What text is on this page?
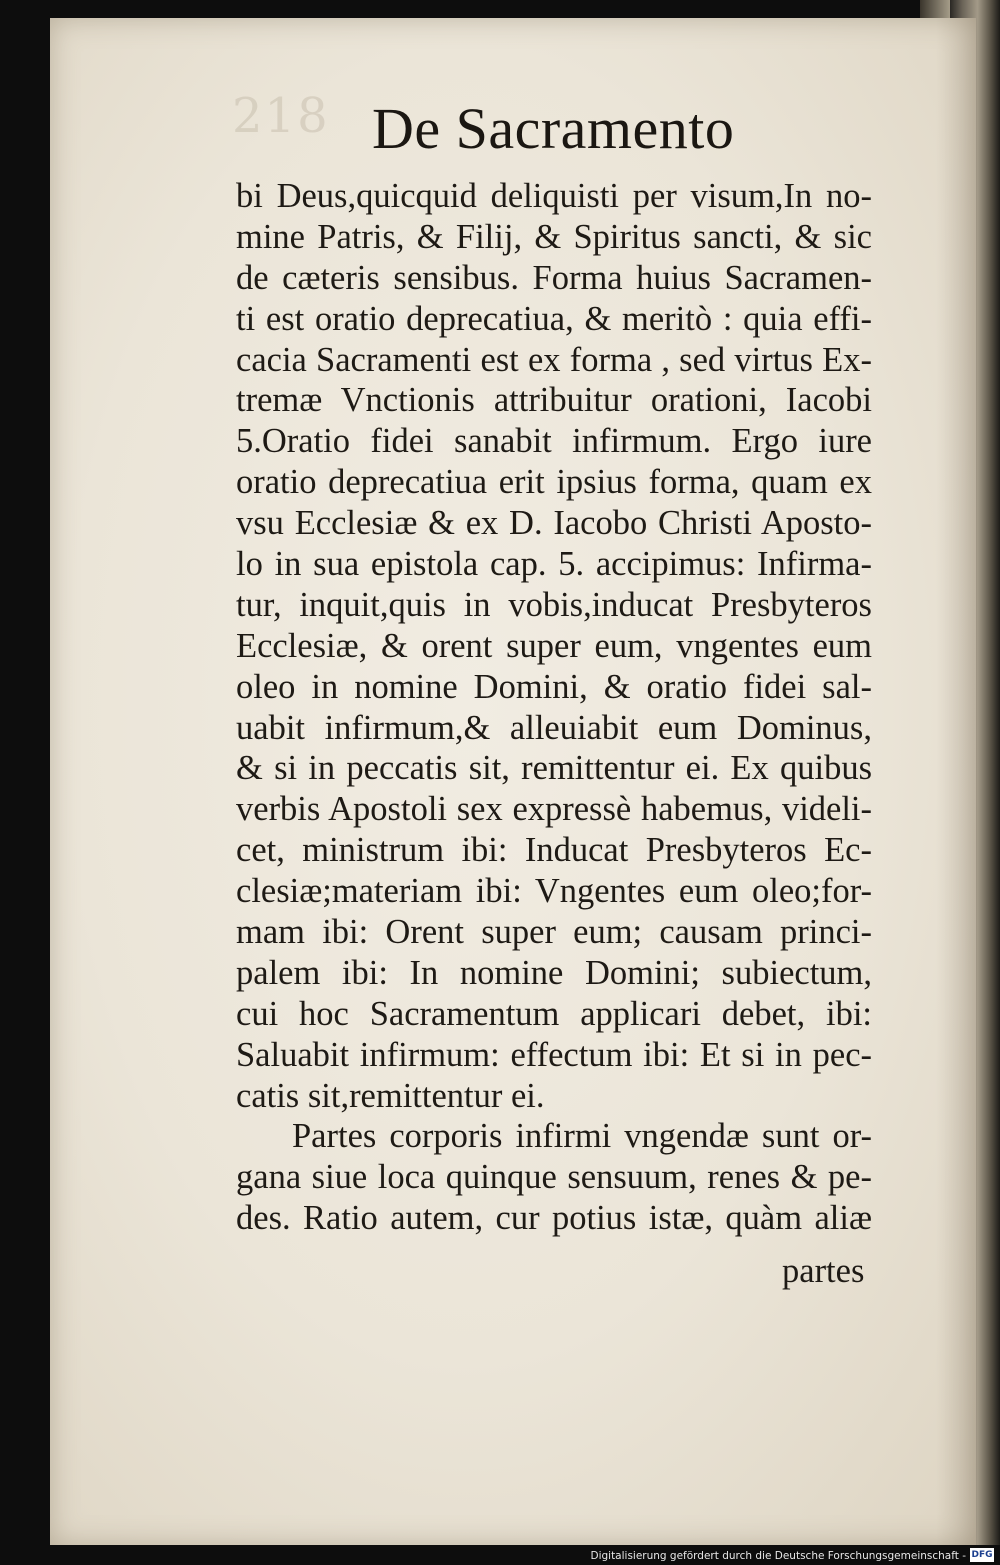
218 De Sacramento
bi Deus,quicquid deliquisti per visum,In no-
mine Patris, & Filij, & Spiritus sancti, & sic
de cæteris sensibus. Forma huius Sacramen-
ti est oratio deprecatiua, & meritò : quia effi-
cacia Sacramenti est ex forma , sed virtus Ex-
tremæ Vnctionis attribuitur orationi, Iacobi
5.Oratio fidei sanabit infirmum. Ergo iure
oratio deprecatiua erit ipsius forma, quam ex
vsu Ecclesiæ & ex D. Iacobo Christi Aposto-
lo in sua epistola cap. 5. accipimus: Infirma-
tur, inquit,quis in vobis,inducat Presbyteros
Ecclesiæ, & orent super eum, vngentes eum
oleo in nomine Domini, & oratio fidei sal-
uabit infirmum,& alleuiabit eum Dominus,
& si in peccatis sit, remittentur ei. Ex quibus
verbis Apostoli sex expressè habemus, videli-
cet, ministrum ibi: Inducat Presbyteros Ec-
clesiæ;materiam ibi: Vngentes eum oleo;for-
mam ibi: Orent super eum; causam princi-
palem ibi: In nomine Domini; subiectum,
cui hoc Sacramentum applicari debet, ibi:
Saluabit infirmum: effectum ibi: Et si in pec-
catis sit,remittentur ei.
Partes corporis infirmi vngendæ sunt or-
gana siue loca quinque sensuum, renes & pe-
des. Ratio autem, cur potius istæ, quàm aliæ
partes
Digitalisierung gefördert durch die Deutsche Forschungsgemeinschaft - DFG
